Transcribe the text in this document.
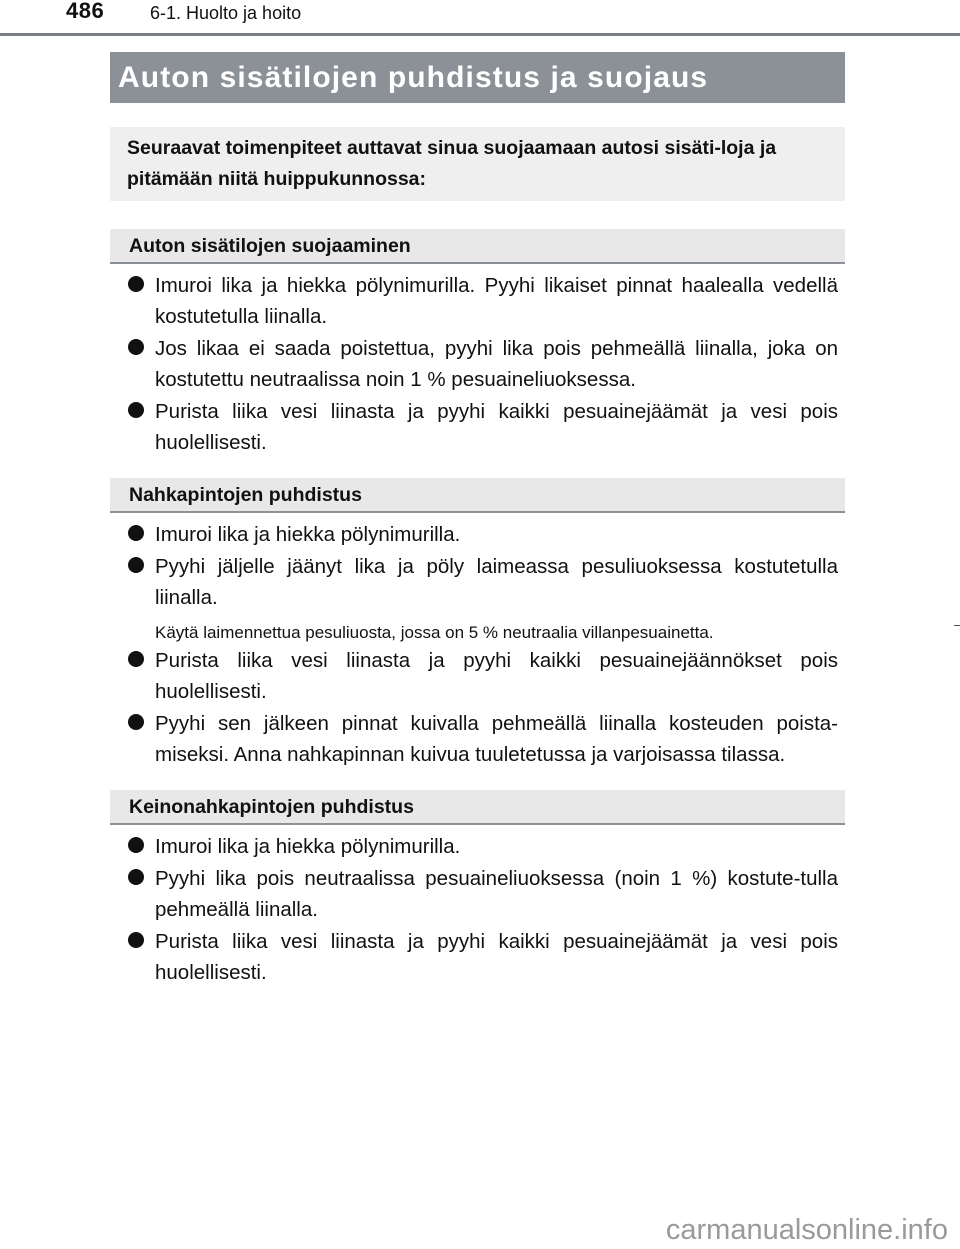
486	6-1. Huolto ja hoito
Auton sisätilojen puhdistus ja suojaus
Seuraavat toimenpiteet auttavat sinua suojaamaan autosi sisäti-loja ja pitämään niitä huippukunnossa:
Auton sisätilojen suojaaminen
Imuroi lika ja hiekka pölynimurilla. Pyyhi likaiset pinnat haalealla vedellä kostutetulla liinalla.
Jos likaa ei saada poistettua, pyyhi lika pois pehmeällä liinalla, joka on kostutettu neutraalissa noin 1 % pesuaineliuoksessa.
Purista liika vesi liinasta ja pyyhi kaikki pesuainejäämät ja vesi pois huolellisesti.
Nahkapintojen puhdistus
Imuroi lika ja hiekka pölynimurilla.
Pyyhi jäljelle jäänyt lika ja pöly laimeassa pesuliuoksessa kostutetulla liinalla.
Käytä laimennettua pesuliuosta, jossa on 5 % neutraalia villanpesuainetta.
Purista liika vesi liinasta ja pyyhi kaikki pesuainejäännökset pois huolellisesti.
Pyyhi sen jälkeen pinnat kuivalla pehmeällä liinalla kosteuden poista-miseksi. Anna nahkapinnan kuivua tuuletetussa ja varjoisassa tilassa.
Keinonahkapintojen puhdistus
Imuroi lika ja hiekka pölynimurilla.
Pyyhi lika pois neutraalissa pesuaineliuoksessa (noin 1 %) kostute-tulla pehmeällä liinalla.
Purista liika vesi liinasta ja pyyhi kaikki pesuainejäämät ja vesi pois huolellisesti.
carmanualsonline.info
